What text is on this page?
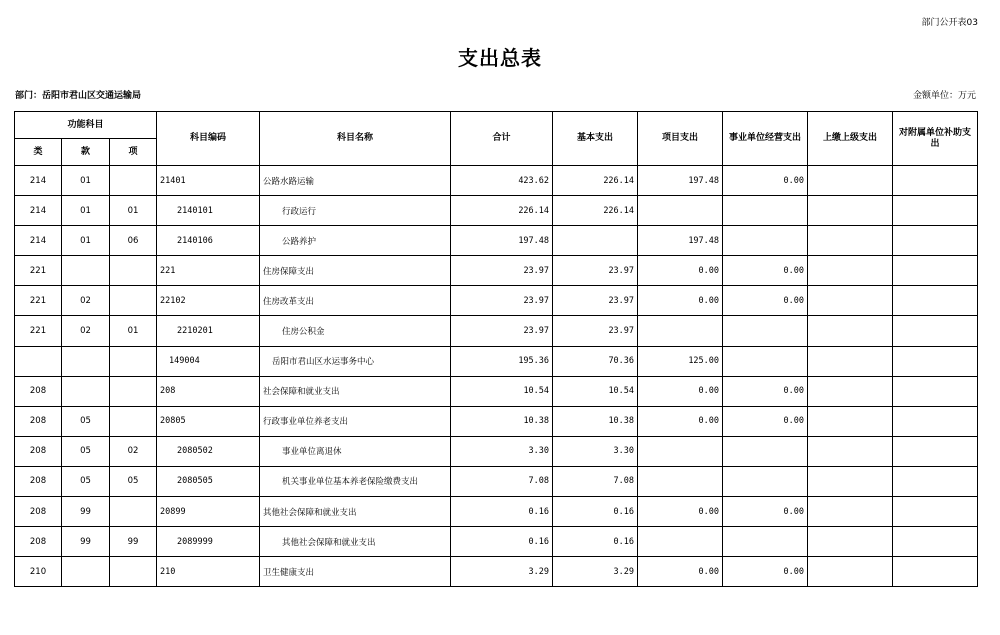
部门公开表03
支出总表
部门：岳阳市君山区交通运输局	金额单位：万元
功能科目			科目编码	科目名称	合计	基本支出	项目支出	事业单位经营支出	上缴上级支出	对附属单位补助支出
类	款	项								
214	01		21401	公路水路运输	423.62	226.14	197.48	0.00		
214	01	01	2140101	行政运行	226.14	226.14				
214	01	06	2140106	公路养护	197.48		197.48			
221			221	住房保障支出	23.97	23.97	0.00	0.00		
221	02		22102	住房改革支出	23.97	23.97	0.00	0.00		
221	02	01	2210201	住房公积金	23.97	23.97				
			149004	岳阳市君山区水运事务中心	195.36	70.36	125.00			
208			208	社会保障和就业支出	10.54	10.54	0.00	0.00		
208	05		20805	行政事业单位养老支出	10.38	10.38	0.00	0.00		
208	05	02	2080502	事业单位离退休	3.30	3.30				
208	05	05	2080505	机关事业单位基本养老保险缴费支出	7.08	7.08				
208	99		20899	其他社会保障和就业支出	0.16	0.16	0.00	0.00		
208	99	99	2089999	其他社会保障和就业支出	0.16	0.16				
210			210	卫生健康支出	3.29	3.29	0.00	0.00		
